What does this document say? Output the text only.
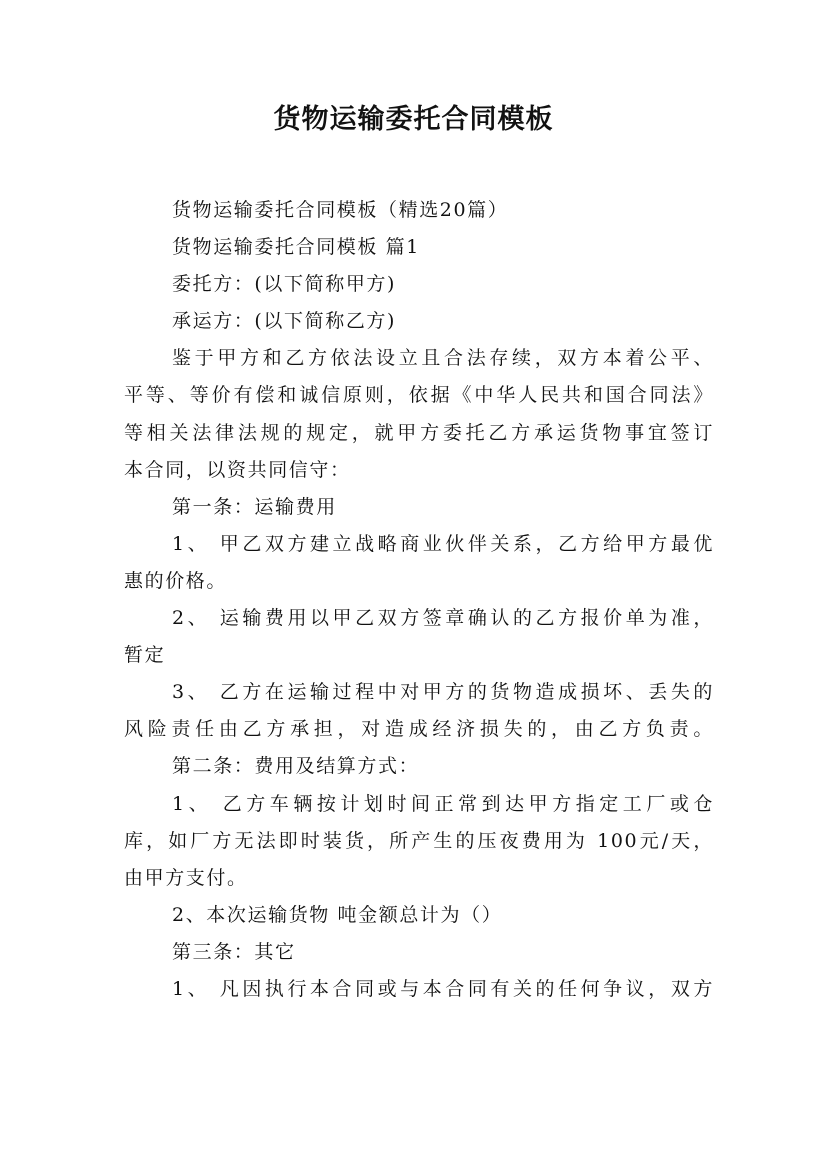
货物运输委托合同模板
货物运输委托合同模板（精选20篇）
货物运输委托合同模板 篇1
委托方：(以下简称甲方)
承运方：(以下简称乙方)
鉴于甲方和乙方依法设立且合法存续，双方本着公平、
平等、等价有偿和诚信原则，依据《中华人民共和国合同法》
等相关法律法规的规定，就甲方委托乙方承运货物事宜签订
本合同，以资共同信守：
第一条：运输费用
1、 甲乙双方建立战略商业伙伴关系，乙方给甲方最优
惠的价格。
2、 运输费用以甲乙双方签章确认的乙方报价单为准，
暂定
3、 乙方在运输过程中对甲方的货物造成损坏、丢失的
风险责任由乙方承担，对造成经济损失的，由乙方负责。
第二条：费用及结算方式：
1、 乙方车辆按计划时间正常到达甲方指定工厂或仓
库，如厂方无法即时装货，所产生的压夜费用为 100元/天，
由甲方支付。
2、本次运输货物 吨金额总计为（）
第三条：其它
1、 凡因执行本合同或与本合同有关的任何争议，双方
